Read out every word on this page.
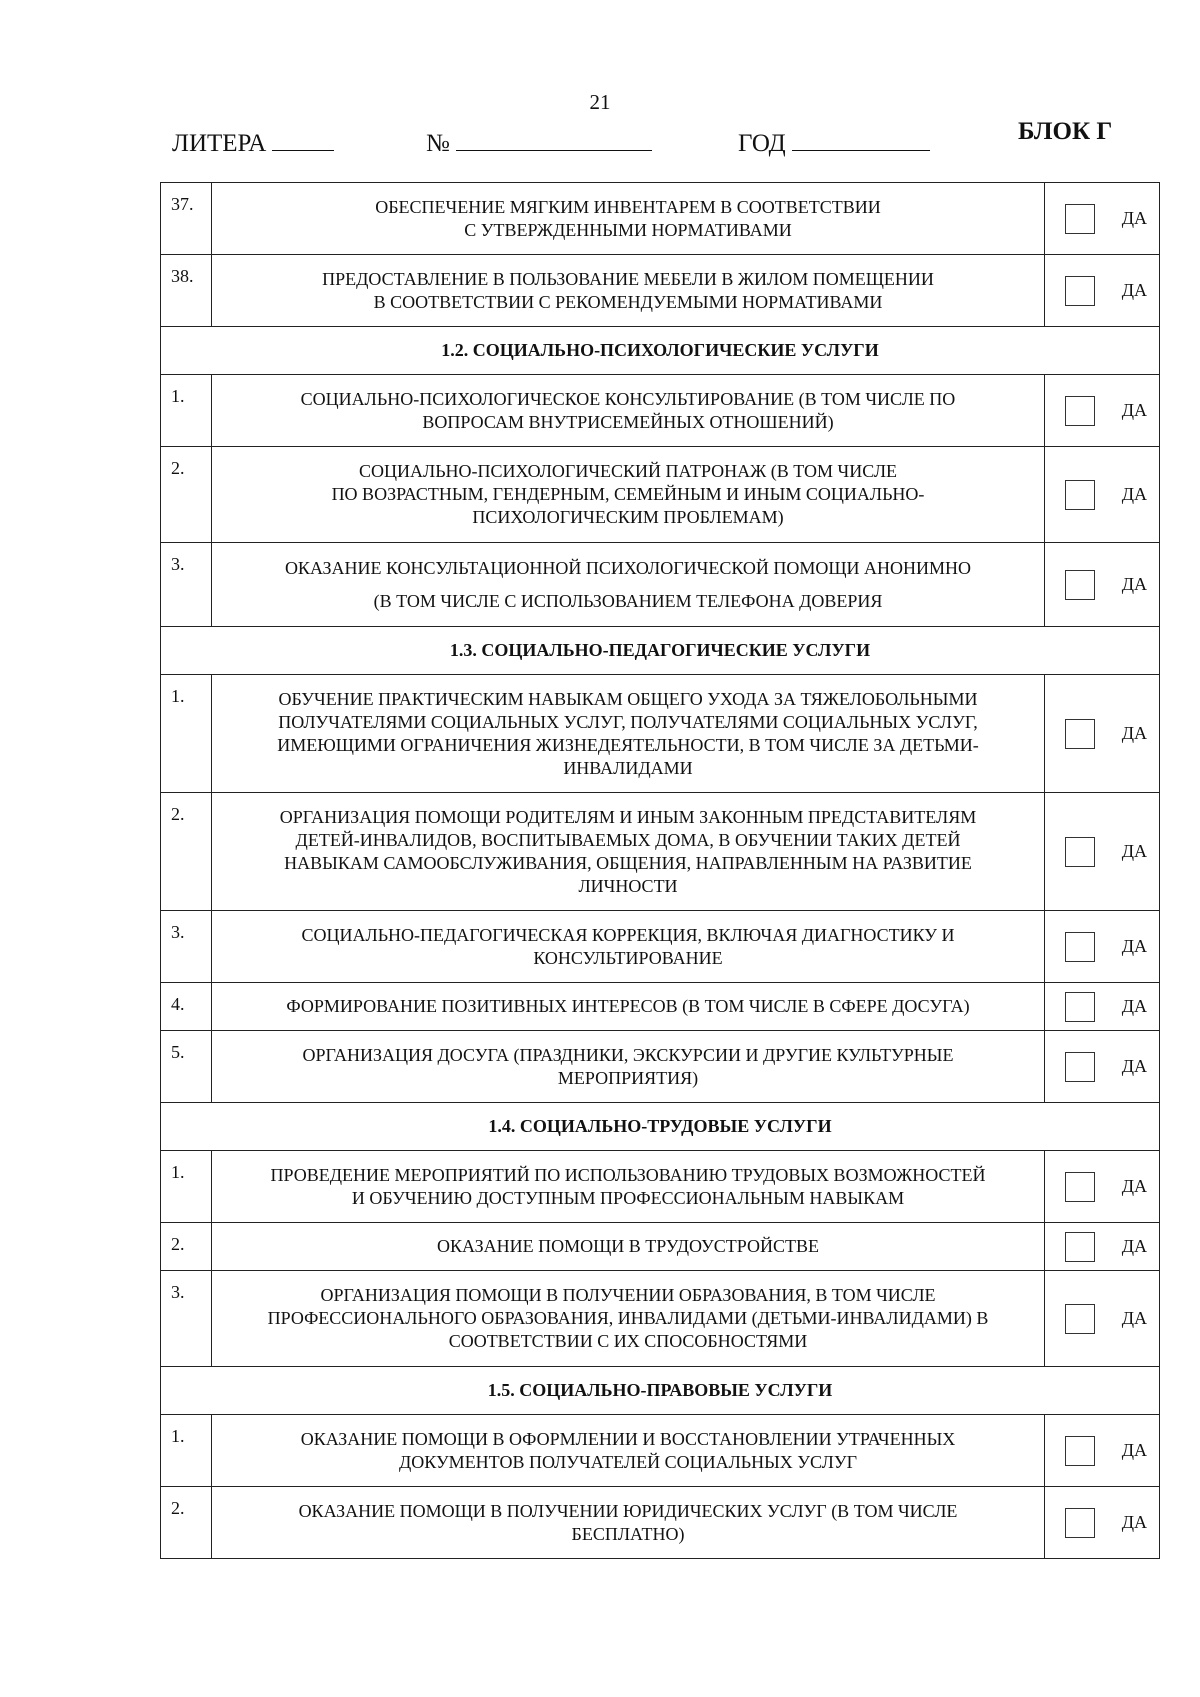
21
ЛИТЕРА	№	ГОД	БЛОК Г
37.	ОБЕСПЕЧЕНИЕ МЯГКИМ ИНВЕНТАРЕМ В СООТВЕТСТВИИ
С УТВЕРЖДЕННЫМИ НОРМАТИВАМИ	ДА

38.	ПРЕДОСТАВЛЕНИЕ В ПОЛЬЗОВАНИЕ МЕБЕЛИ В ЖИЛОМ ПОМЕЩЕНИИ
В СООТВЕТСТВИИ С РЕКОМЕНДУЕМЫМИ НОРМАТИВАМИ	ДА

1.2. СОЦИАЛЬНО-ПСИХОЛОГИЧЕСКИЕ УСЛУГИ		
1.	СОЦИАЛЬНО-ПСИХОЛОГИЧЕСКОЕ КОНСУЛЬТИРОВАНИЕ (В ТОМ ЧИСЛЕ ПО
ВОПРОСАМ ВНУТРИСЕМЕЙНЫХ ОТНОШЕНИЙ)	ДА

2.	СОЦИАЛЬНО-ПСИХОЛОГИЧЕСКИЙ ПАТРОНАЖ (В ТОМ ЧИСЛЕ
ПО ВОЗРАСТНЫМ, ГЕНДЕРНЫМ, СЕМЕЙНЫМ И ИНЫМ СОЦИАЛЬНО-
ПСИХОЛОГИЧЕСКИМ ПРОБЛЕМАМ)	ДА

3.	ОКАЗАНИЕ КОНСУЛЬТАЦИОННОЙ ПСИХОЛОГИЧЕСКОЙ ПОМОЩИ АНОНИМНО
(В ТОМ ЧИСЛЕ С ИСПОЛЬЗОВАНИЕМ ТЕЛЕФОНА ДОВЕРИЯ	ДА

1.3. СОЦИАЛЬНО-ПЕДАГОГИЧЕСКИЕ УСЛУГИ		
1.	ОБУЧЕНИЕ ПРАКТИЧЕСКИМ НАВЫКАМ ОБЩЕГО УХОДА ЗА ТЯЖЕЛОБОЛЬНЫМИ
ПОЛУЧАТЕЛЯМИ СОЦИАЛЬНЫХ УСЛУГ, ПОЛУЧАТЕЛЯМИ СОЦИАЛЬНЫХ УСЛУГ,
ИМЕЮЩИМИ ОГРАНИЧЕНИЯ ЖИЗНЕДЕЯТЕЛЬНОСТИ, В ТОМ ЧИСЛЕ ЗА ДЕТЬМИ-
ИНВАЛИДАМИ	ДА

2.	ОРГАНИЗАЦИЯ ПОМОЩИ РОДИТЕЛЯМ И ИНЫМ ЗАКОННЫМ ПРЕДСТАВИТЕЛЯМ
ДЕТЕЙ-ИНВАЛИДОВ, ВОСПИТЫВАЕМЫХ ДОМА, В ОБУЧЕНИИ ТАКИХ ДЕТЕЙ
НАВЫКАМ САМООБСЛУЖИВАНИЯ, ОБЩЕНИЯ, НАПРАВЛЕННЫМ НА РАЗВИТИЕ
ЛИЧНОСТИ	ДА

3.	СОЦИАЛЬНО-ПЕДАГОГИЧЕСКАЯ КОРРЕКЦИЯ, ВКЛЮЧАЯ ДИАГНОСТИКУ И
КОНСУЛЬТИРОВАНИЕ	ДА

4.	ФОРМИРОВАНИЕ ПОЗИТИВНЫХ ИНТЕРЕСОВ (В ТОМ ЧИСЛЕ В СФЕРЕ ДОСУГА)	ДА

5.	ОРГАНИЗАЦИЯ ДОСУГА (ПРАЗДНИКИ, ЭКСКУРСИИ И ДРУГИЕ КУЛЬТУРНЫЕ
МЕРОПРИЯТИЯ)	ДА

1.4. СОЦИАЛЬНО-ТРУДОВЫЕ УСЛУГИ		
1.	ПРОВЕДЕНИЕ МЕРОПРИЯТИЙ ПО ИСПОЛЬЗОВАНИЮ ТРУДОВЫХ ВОЗМОЖНОСТЕЙ
И ОБУЧЕНИЮ ДОСТУПНЫМ ПРОФЕССИОНАЛЬНЫМ НАВЫКАМ	ДА

2.	ОКАЗАНИЕ ПОМОЩИ В ТРУДОУСТРОЙСТВЕ	ДА

3.	ОРГАНИЗАЦИЯ ПОМОЩИ В ПОЛУЧЕНИИ ОБРАЗОВАНИЯ, В ТОМ ЧИСЛЕ
ПРОФЕССИОНАЛЬНОГО ОБРАЗОВАНИЯ, ИНВАЛИДАМИ (ДЕТЬМИ-ИНВАЛИДАМИ) В
СООТВЕТСТВИИ С ИХ СПОСОБНОСТЯМИ	ДА

1.5. СОЦИАЛЬНО-ПРАВОВЫЕ УСЛУГИ		
1.	ОКАЗАНИЕ ПОМОЩИ В ОФОРМЛЕНИИ И ВОССТАНОВЛЕНИИ УТРАЧЕННЫХ
ДОКУМЕНТОВ ПОЛУЧАТЕЛЕЙ СОЦИАЛЬНЫХ УСЛУГ	ДА

2.	ОКАЗАНИЕ ПОМОЩИ В ПОЛУЧЕНИИ ЮРИДИЧЕСКИХ УСЛУГ (В ТОМ ЧИСЛЕ
БЕСПЛАТНО)	ДА
